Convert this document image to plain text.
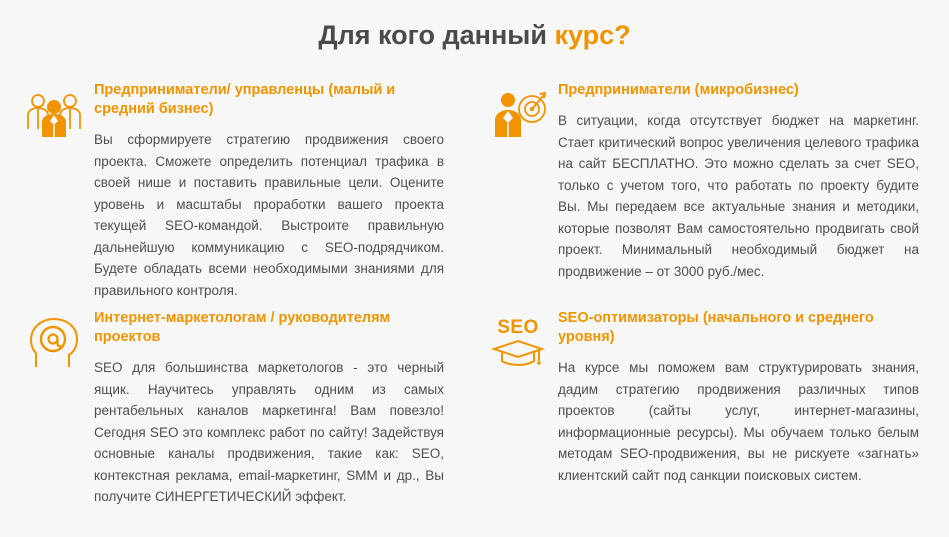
Для кого данный курс?
Предприниматели/ управленцы (малый и средний бизнес)

Вы сформируете стратегию продвижения своего проекта. Сможете определить потенциал трафика в своей нише и поставить правильные цели. Оцените уровень и масштабы проработки вашего проекта текущей SEO-командой. Выстроите правильную дальнейшую коммуникацию с SEO-подрядчиком. Будете обладать всеми необходимыми знаниями для правильного контроля.

Предприниматели (микробизнес)

В ситуации, когда отсутствует бюджет на маркетинг. Стает критический вопрос увеличения целевого трафика на сайт БЕСПЛАТНО. Это можно сделать за счет SEO, только с учетом того, что работать по проекту будите Вы. Мы передаем все актуальные знания и методики, которые позволят Вам самостоятельно продвигать свой проект. Минимальный необходимый бюджет на продвижение – от 3000 руб./мес.

Интернет-маркетологам / руководителям проектов

SEO для большинства маркетологов - это черный ящик. Научитесь управлять одним из самых рентабельных каналов маркетинга! Вам повезло! Сегодня SEO это комплекс работ по сайту! Задействуя основные каналы продвижения, такие как: SEO, контекстная реклама, email-маркетинг, SMM и др., Вы получите СИНЕРГЕТИЧЕСКИЙ эффект.

SEO	SEO-оптимизаторы (начального и среднего уровня)

На курсе мы поможем вам структурировать знания, дадим стратегию продвижения различных типов проектов (сайты услуг, интернет-магазины, информационные ресурсы). Мы обучаем только белым методам SEO-продвижения, вы не рискуете «загнать» клиентский сайт под санкции поисковых систем.
